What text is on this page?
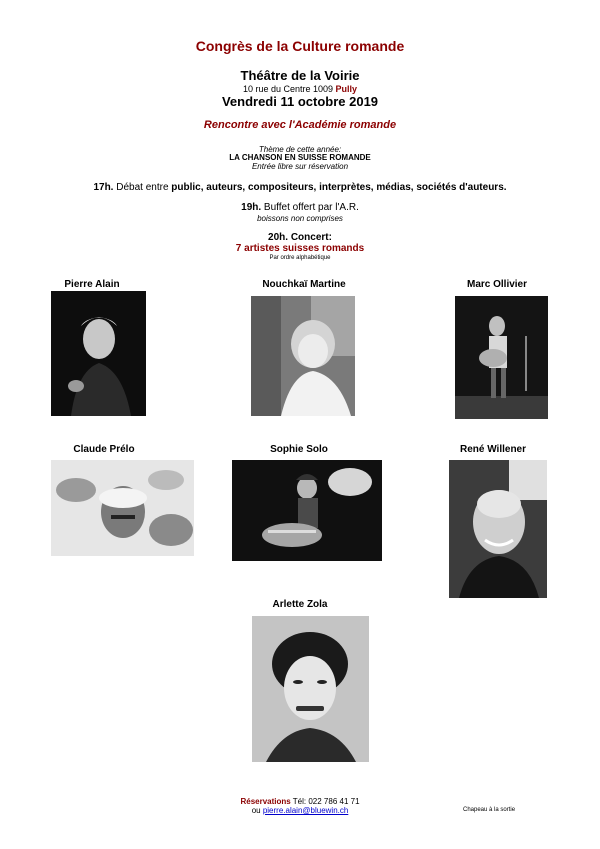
Congrès de la Culture romande
Théâtre de la Voirie
10 rue du Centre 1009 Pully
Vendredi 11 octobre 2019
Rencontre avec l'Académie romande
Thème de cette année:
LA CHANSON EN SUISSE ROMANDE
Entrée libre sur réservation
17h. Débat entre public, auteurs, compositeurs, interprètes, médias, sociétés d'auteurs.
19h. Buffet offert par l'A.R.
boissons non comprises
20h. Concert:
7 artistes suisses romands
Par ordre alphabétique
Pierre Alain	Nouchkaï Martine	Marc Ollivier
Claude Prélo	Sophie Solo	René Willener
Arlette Zola
Réservations Tél: 022 786 41 71
ou pierre.alain@bluewin.ch	Chapeau à la sortie
